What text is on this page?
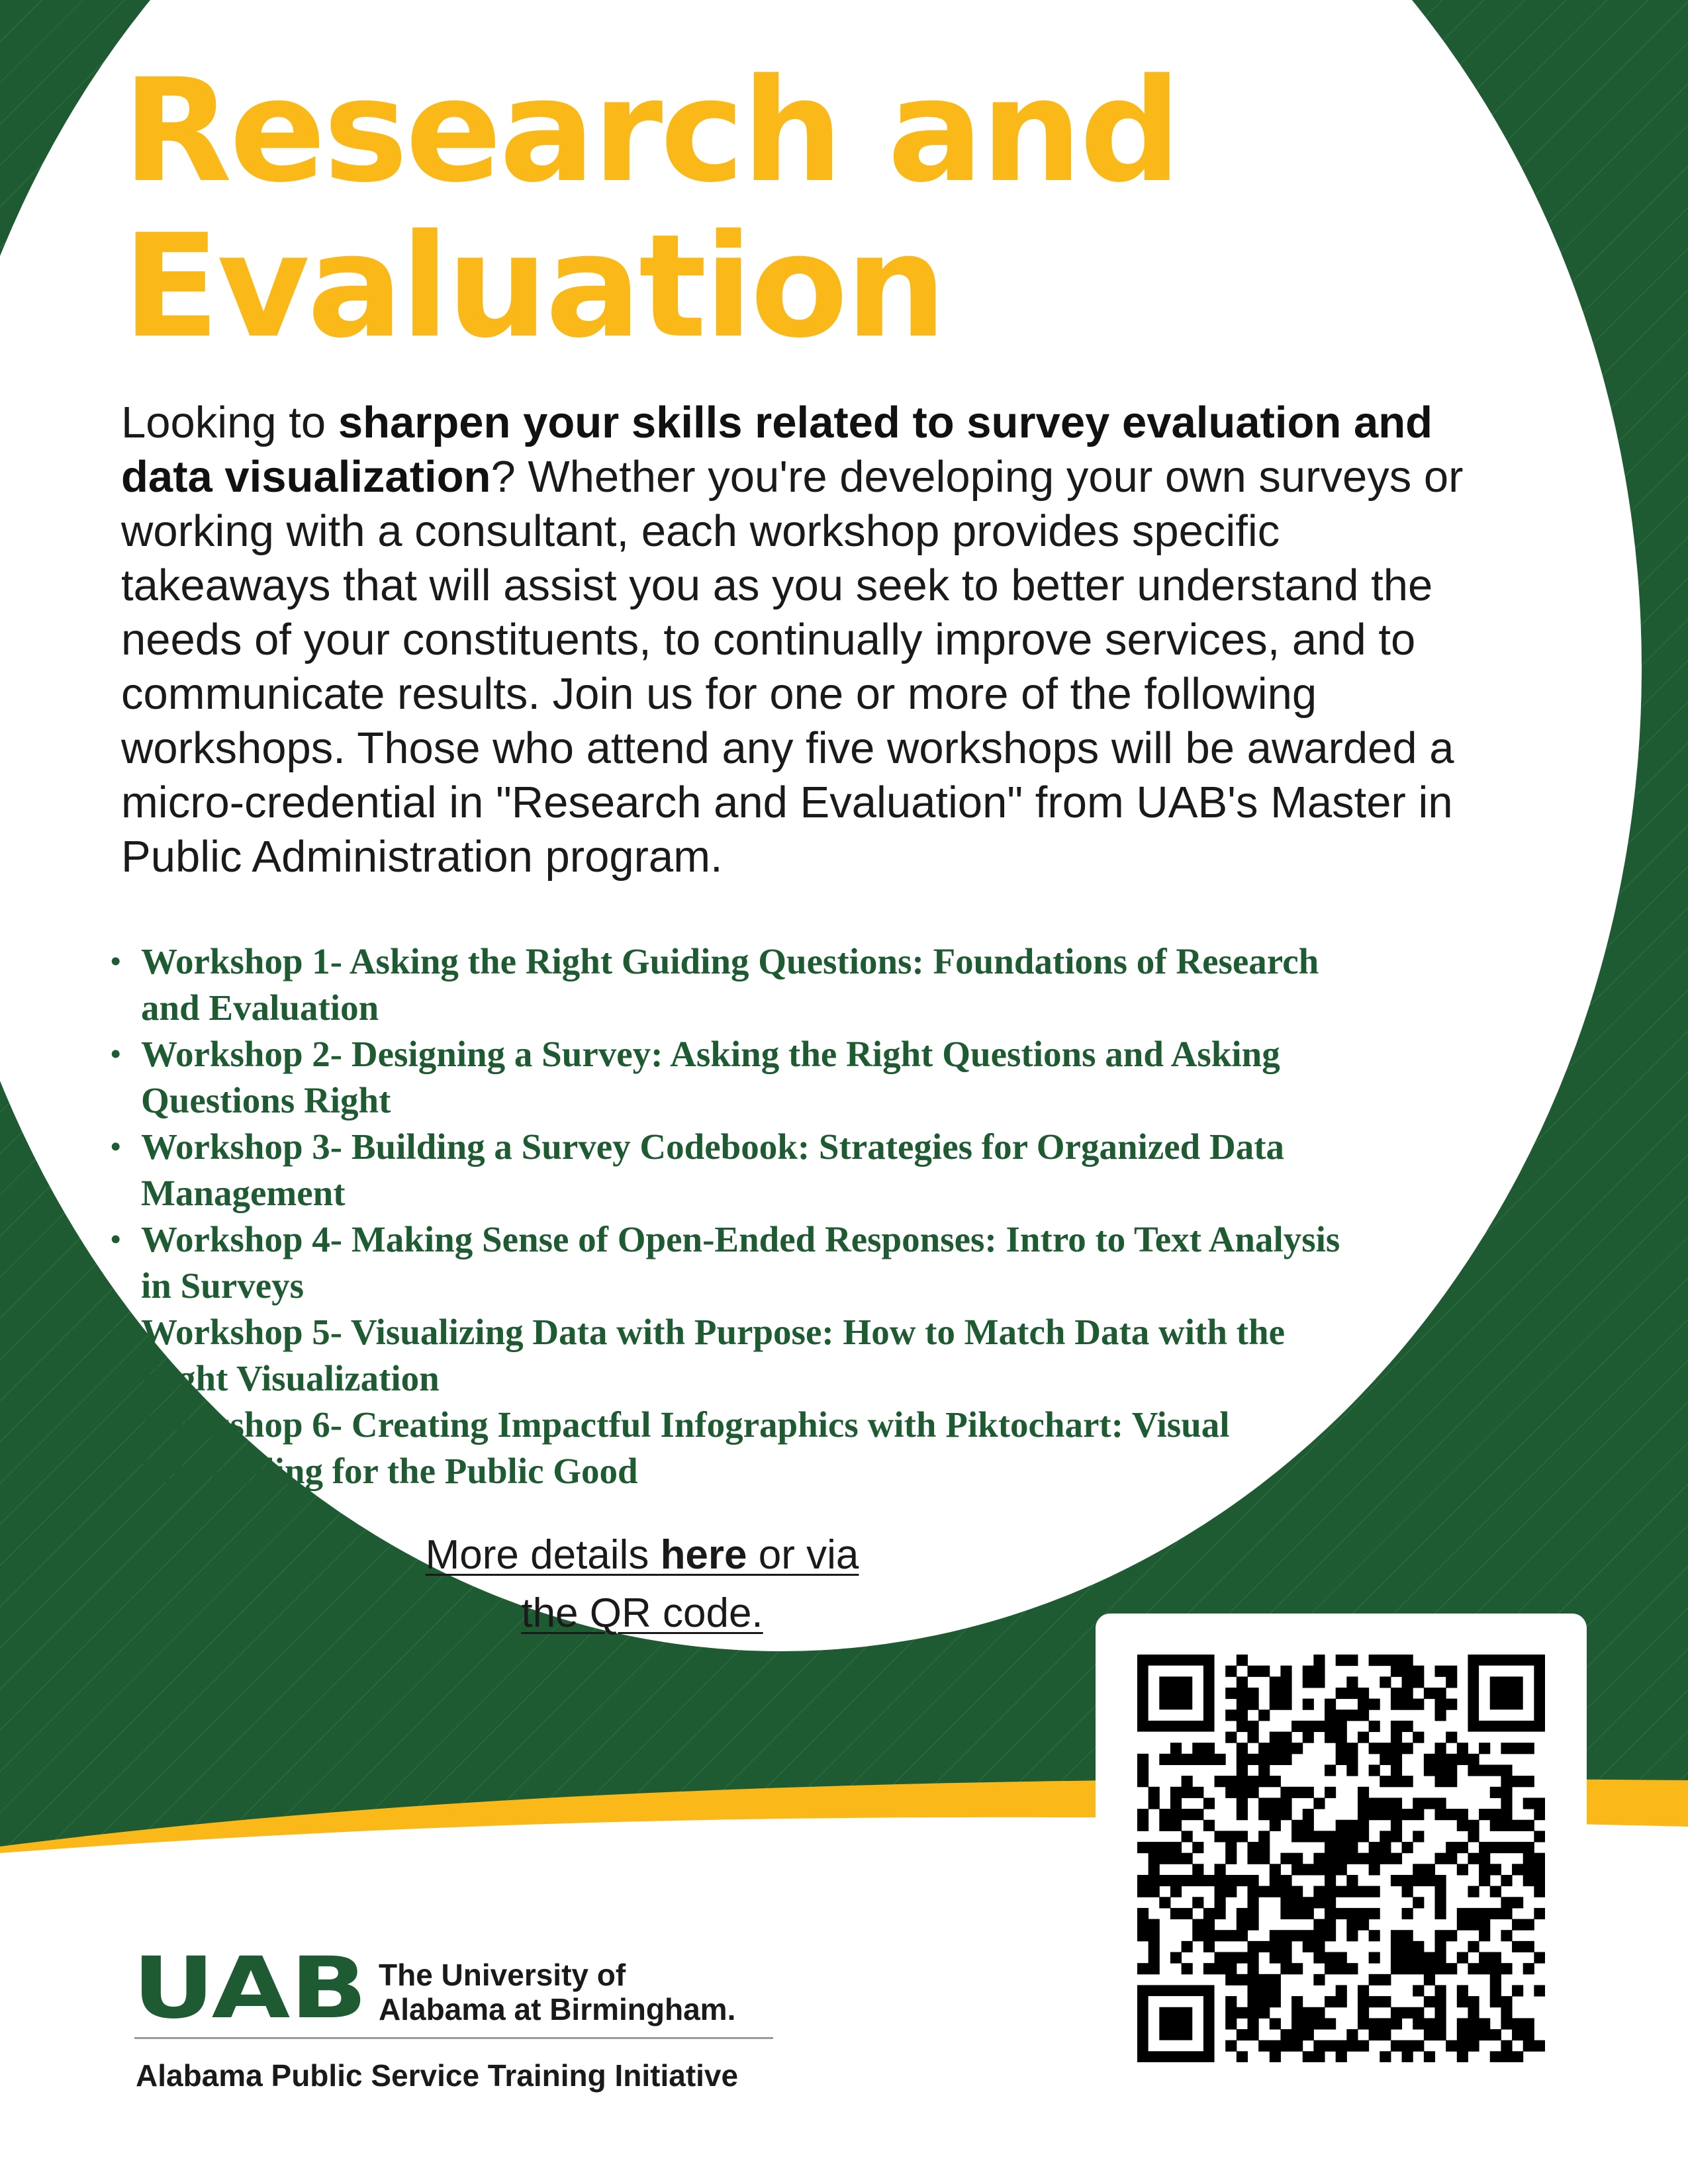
Research and
Evaluation

Looking to sharpen your skills related to survey evaluation and data visualization? Whether you're developing your own surveys or working with a consultant, each workshop provides specific takeaways that will assist you as you seek to better understand the needs of your constituents, to continually improve services, and to communicate results. Join us for one or more of the following workshops. Those who attend any five workshops will be awarded a micro-credential in "Research and Evaluation" from UAB's Master in Public Administration program.

• Workshop 1- Asking the Right Guiding Questions: Foundations of Research and Evaluation
• Workshop 2- Designing a Survey: Asking the Right Questions and Asking Questions Right
• Workshop 3- Building a Survey Codebook: Strategies for Organized Data Management
• Workshop 4- Making Sense of Open-Ended Responses: Intro to Text Analysis in Surveys
• Workshop 5- Visualizing Data with Purpose: How to Match Data with the Right Visualization
• Workshop 6- Creating Impactful Infographics with Piktochart: Visual Storytelling for the Public Good

More details here or via
the QR code.

UAB The University of
Alabama at Birmingham.

Alabama Public Service Training Initiative
